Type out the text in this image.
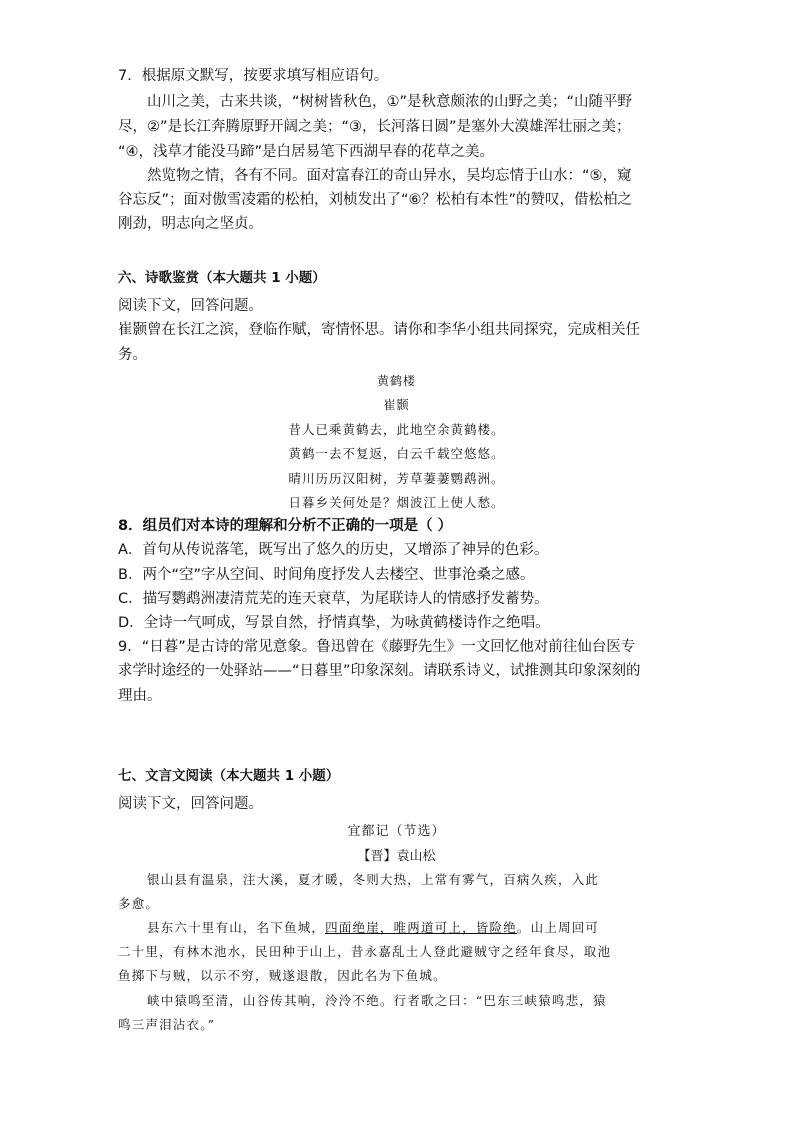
7．根据原文默写，按要求填写相应语句。
山川之美，古来共谈，“树树皆秋色，①”是秋意颇浓的山野之美；“山随平野
尽，②”是长江奔腾原野开阔之美；“③，长河落日圆”是塞外大漠雄浑壮丽之美；
“④，浅草才能没马蹄”是白居易笔下西湖早春的花草之美。
然览物之情，各有不同。面对富春江的奇山异水，吴均忘情于山水：“⑤，窥
谷忘反”；面对傲雪凌霜的松柏，刘桢发出了“⑥？松柏有本性”的赞叹，借松柏之
刚劲，明志向之坚贞。
六、诗歌鉴赏（本大题共 1 小题）
阅读下文，回答问题。
崔颢曾在长江之滨，登临作赋，寄情怀思。请你和李华小组共同探究，完成相关任
务。
黄鹤楼
崔颢
昔人已乘黄鹤去，此地空余黄鹤楼。
黄鹤一去不复返，白云千载空悠悠。
晴川历历汉阳树，芳草萋萋鹦鹉洲。
日暮乡关何处是？烟波江上使人愁。
8．组员们对本诗的理解和分析不正确的一项是（ ）
A．首句从传说落笔，既写出了悠久的历史，又增添了神异的色彩。
B．两个“空”字从空间、时间角度抒发人去楼空、世事沧桑之感。
C．描写鹦鹉洲凄清荒芜的连天衰草，为尾联诗人的情感抒发蓄势。
D．全诗一气呵成，写景自然，抒情真挚，为咏黄鹤楼诗作之绝唱。
9．“日暮”是古诗的常见意象。鲁迅曾在《藤野先生》一文回忆他对前往仙台医专
求学时途经的一处驿站——“日暮里”印象深刻。请联系诗义，试推测其印象深刻的
理由。
七、文言文阅读（本大题共 1 小题）
阅读下文，回答问题。
宜都记（节选）
【晋】袁山松
银山县有温泉，注大溪，夏才暖，冬则大热，上常有雾气，百病久疾，入此
多愈。
县东六十里有山，名下鱼城，四面绝崖，唯两道可上，皆险绝。山上周回可
二十里，有林木池水，民田种于山上，昔永嘉乱土人登此避贼守之经年食尽，取池
鱼掷下与贼，以示不穷，贼遂退散，因此名为下鱼城。
峡中猿鸣至清，山谷传其响，泠泠不绝。行者歌之曰：“巴东三峡猿鸣悲，猿
鸣三声泪沾衣。”
